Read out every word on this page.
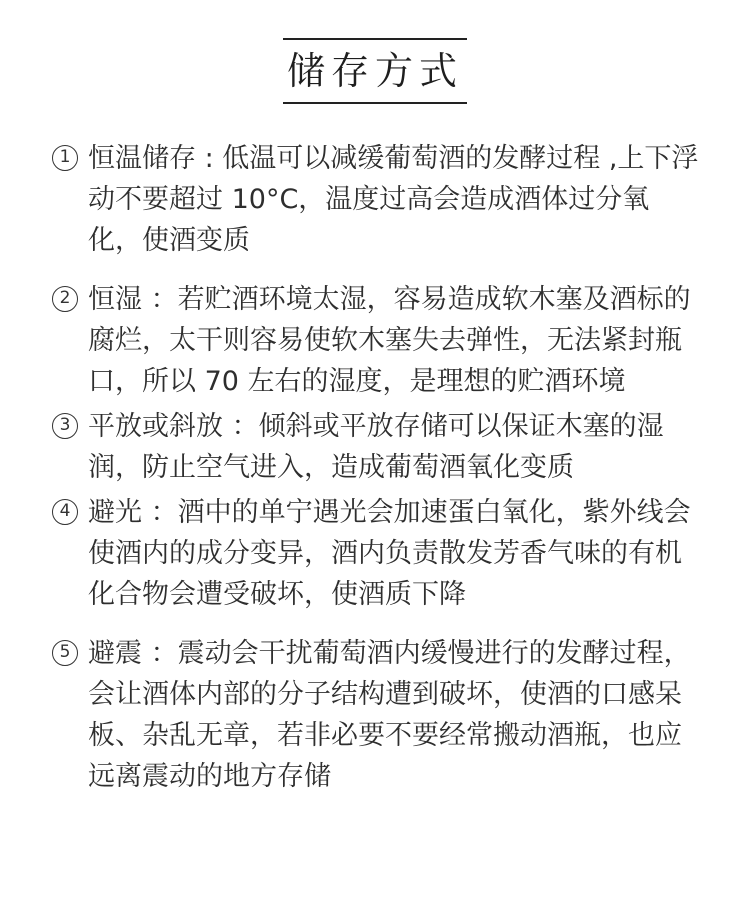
储存方式
1 恒温储存 : 低温可以减缓葡萄酒的发酵过程 ,上下浮动不要超过 10°C，温度过高会造成酒体过分氧化，使酒变质
2 恒湿 ：若贮酒环境太湿，容易造成软木塞及酒标的腐烂，太干则容易使软木塞失去弹性，无法紧封瓶口，所以 70 左右的湿度，是理想的贮酒环境
3 平放或斜放 ：倾斜或平放存储可以保证木塞的湿润，防止空气进入，造成葡萄酒氧化变质
4 避光 ：酒中的单宁遇光会加速蛋白氧化，紫外线会使酒内的成分变异，酒内负责散发芳香气味的有机化合物会遭受破坏，使酒质下降
5 避震 ：震动会干扰葡萄酒内缓慢进行的发酵过程，会让酒体内部的分子结构遭到破坏，使酒的口感呆板、杂乱无章，若非必要不要经常搬动酒瓶，也应远离震动的地方存储
